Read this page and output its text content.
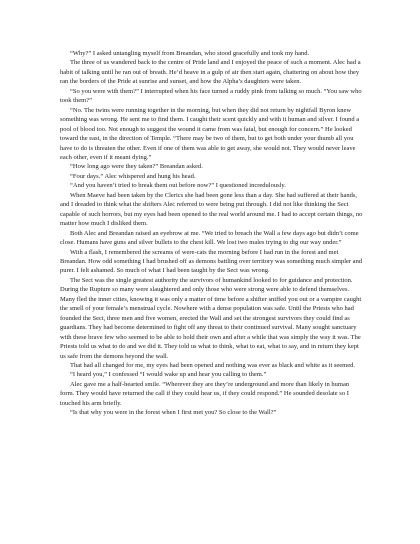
“Why?” I asked untangling myself from Breandan, who stood gracefully and took my hand.

The three of us wandered back to the centre of Pride land and I enjoyed the peace of such a moment. Alec had a habit of talking until he ran out of breath. He’d heave in a gulp of air then start again, chattering on about how they ran the borders of the Pride at sunrise and sunset, and how the Alpha’s daughters were taken.

“So you were with them?” I interrupted when his face turned a ruddy pink from talking so much. “You saw who took them?”

“No. The twins were running together in the morning, but when they did not return by nightfall Byron knew something was wrong. He sent me to find them. I caught their scent quickly and with it human and silver. I found a pool of blood too. Not enough to suggest the wound it came from was fatal, but enough for concern.” He looked toward the east, in the direction of Temple. “There may be two of them, but to get both under your thumb all you have to do is threaten the other. Even if one of them was able to get away, she would not. They would never leave each other, even if it meant dying.”

“How long ago were they taken?” Breandan asked.

“Four days.” Alec whispered and hung his head.

“And you haven’t tried to break them out before now?” I questioned incredulously.

When Maeve had been taken by the Clerics she had been gone less than a day. She had suffered at their hands, and I dreaded to think what the shifters Alec referred to were being put through. I did not like thinking the Sect capable of such horrors, but my eyes had been opened to the real world around me. I had to accept certain things, no matter how much I disliked them.

Both Alec and Breandan raised an eyebrow at me. “We tried to breach the Wall a few days ago but didn’t come close. Humans have guns and silver bullets to the chest kill. We lost two males trying to dig our way under.”

With a flash, I remembered the screams of were-cats the morning before I had run in the forest and met Breandan. How odd something I had brushed off as demons battling over territory was something much simpler and purer. I felt ashamed. So much of what I had been taught by the Sect was wrong.

The Sect was the single greatest authority the survivors of humankind looked to for guidance and protection. During the Rupture so many were slaughtered and only those who were strong were able to defend themselves. Many fled the inner cities, knowing it was only a matter of time before a shifter sniffed you out or a vampire caught the smell of your female’s menstrual cycle. Nowhere with a dense population was safe. Until the Priests who had founded the Sect, three men and five women, erected the Wall and set the strongest survivors they could find as guardians. They had become determined to fight off any threat to their continued survival. Many sought sanctuary with these brave few who seemed to be able to hold their own and after a while that was simply the way it was. The Priests told us what to do and we did it. They told us what to think, what to eat, what to say, and in return they kept us safe from the demons beyond the wall.

That had all changed for me, my eyes had been opened and nothing was ever as black and white as it seemed.

“I heard you,” I confessed “I would wake up and hear you calling to them.”

Alec gave me a half-hearted smile. “Wherever they are they’re underground and more than likely in human form. They would have returned the call if they could hear us, if they could respond.” He sounded desolate so I touched his arm briefly.

“Is that why you were in the forest when I first met you? So close to the Wall?”
